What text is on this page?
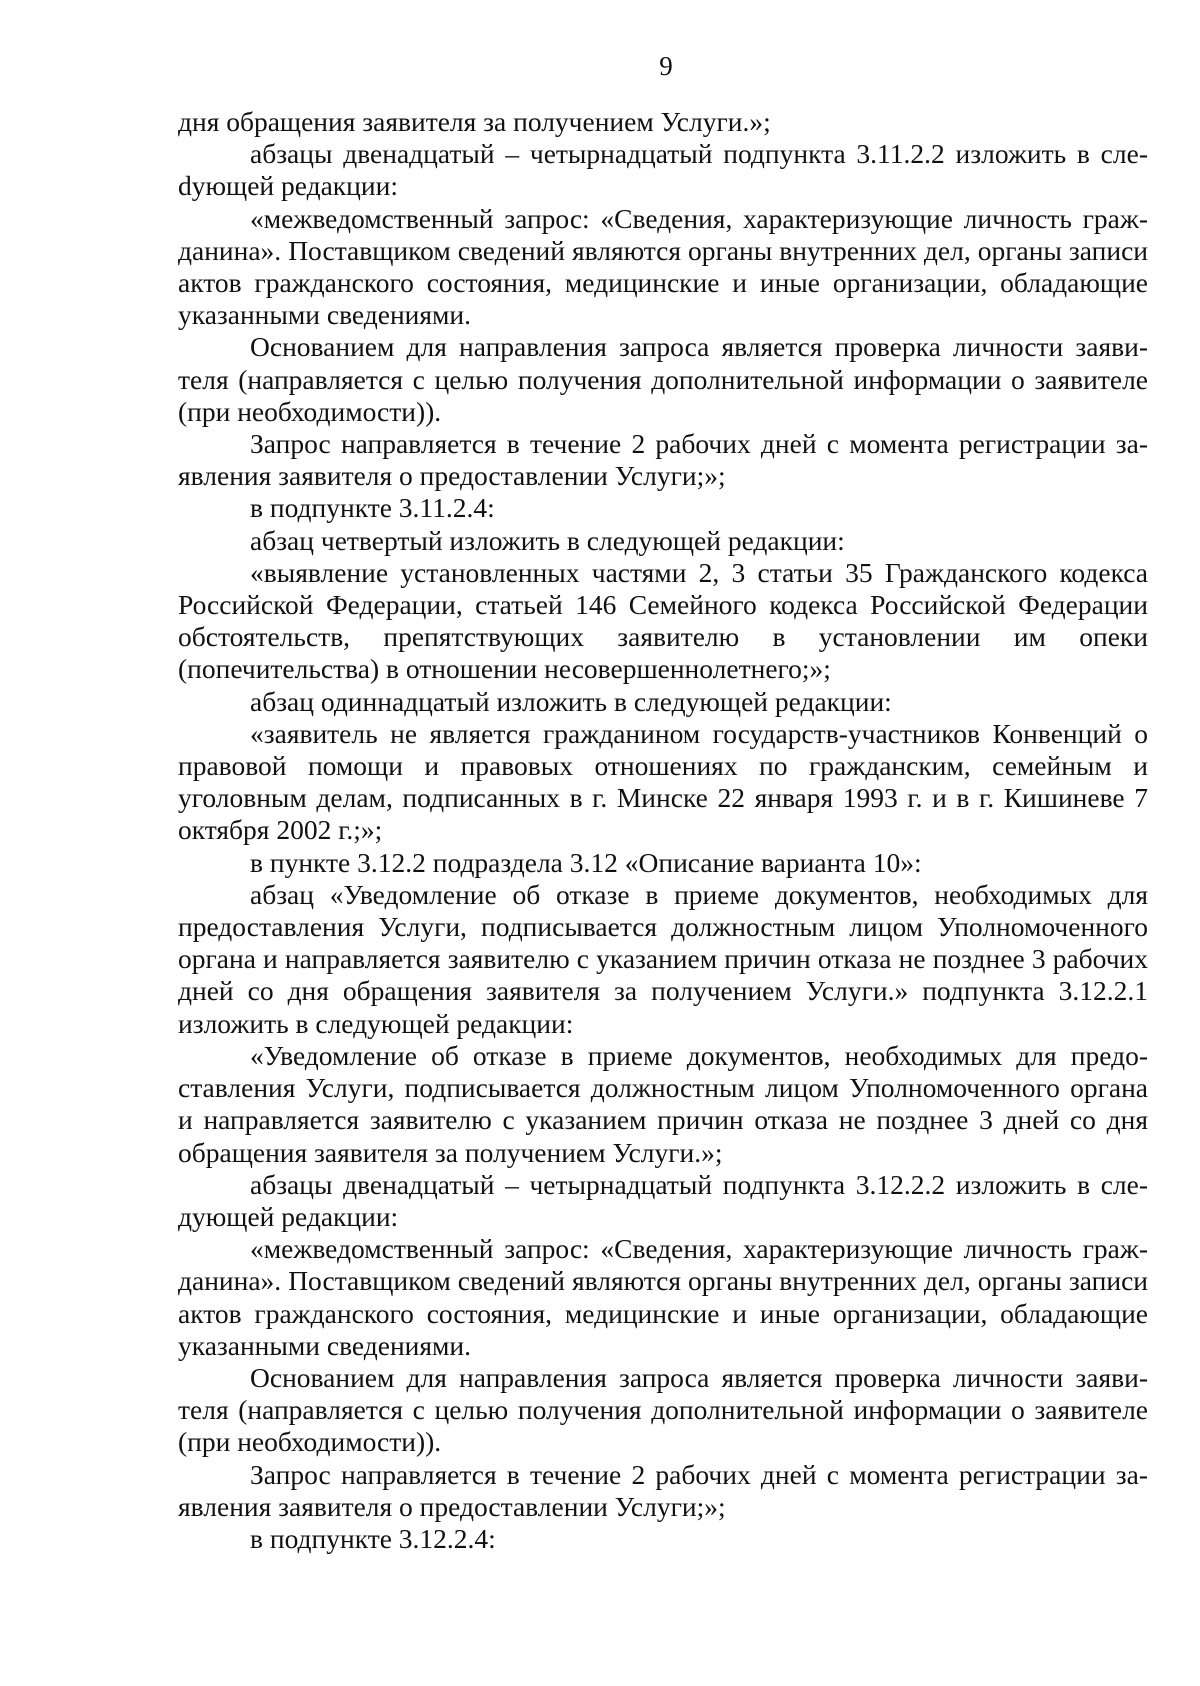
9

дня обращения заявителя за получением Услуги.»;

абзацы двенадцатый – четырнадцатый подпункта 3.11.2.2 изложить в слеdующей редакции:

«межведомственный запрос: «Сведения, характеризующие личность гражданина». Поставщиком сведений являются органы внутренних дел, органы записи актов гражданского состояния, медицинские и иные организации, обладающие указанными сведениями.

Основанием для направления запроса является проверка личности заявителя (направляется с целью получения дополнительной информации о заявителе (при необходимости)).

Запрос направляется в течение 2 рабочих дней с момента регистрации заявления заявителя о предоставлении Услуги;»;

в подпункте 3.11.2.4:

абзац четвертый изложить в следующей редакции:

«выявление установленных частями 2, 3 статьи 35 Гражданского кодекса Российской Федерации, статьей 146 Семейного кодекса Российской Федерации обстоятельств, препятствующих заявителю в установлении им опеки (попечительства) в отношении несовершеннолетнего;»;

абзац одиннадцатый изложить в следующей редакции:

«заявитель не является гражданином государств-участников Конвенций о правовой помощи и правовых отношениях по гражданским, семейным и уголовным делам, подписанных в г. Минске 22 января 1993 г. и в г. Кишиневе 7 октября 2002 г.;»;

в пункте 3.12.2 подраздела 3.12 «Описание варианта 10»:

абзац «Уведомление об отказе в приеме документов, необходимых для предоставления Услуги, подписывается должностным лицом Уполномоченного органа и направляется заявителю с указанием причин отказа не позднее 3 рабочих дней со дня обращения заявителя за получением Услуги.» подпункта 3.12.2.1 изложить в следующей редакции:

«Уведомление об отказе в приеме документов, необходимых для предоставления Услуги, подписывается должностным лицом Уполномоченного органа и направляется заявителю с указанием причин отказа не позднее 3 дней со дня обращения заявителя за получением Услуги.»;

абзацы двенадцатый – четырнадцатый подпункта 3.12.2.2 изложить в следующей редакции:

«межведомственный запрос: «Сведения, характеризующие личность гражданина». Поставщиком сведений являются органы внутренних дел, органы записи актов гражданского состояния, медицинские и иные организации, обладающие указанными сведениями.

Основанием для направления запроса является проверка личности заявителя (направляется с целью получения дополнительной информации о заявителе (при необходимости)).

Запрос направляется в течение 2 рабочих дней с момента регистрации заявления заявителя о предоставлении Услуги;»;

в подпункте 3.12.2.4:
